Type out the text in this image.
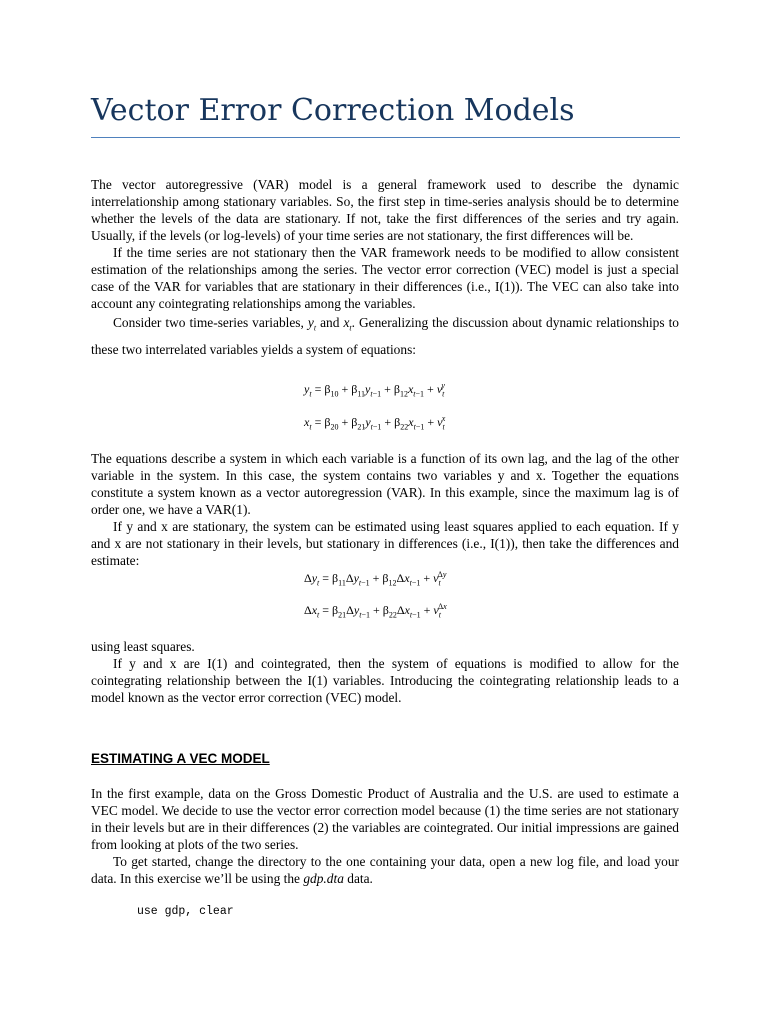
Vector Error Correction Models

The vector autoregressive (VAR) model is a general framework used to describe the dynamic interrelationship among stationary variables. So, the first step in time-series analysis should be to determine whether the levels of the data are stationary. If not, take the first differences of the series and try again. Usually, if the levels (or log-levels) of your time series are not stationary, the first differences will be.

If the time series are not stationary then the VAR framework needs to be modified to allow consistent estimation of the relationships among the series. The vector error correction (VEC) model is just a special case of the VAR for variables that are stationary in their differences (i.e., I(1)). The VEC can also take into account any cointegrating relationships among the variables.

Consider two time-series variables, $y_t$ and $x_t$. Generalizing the discussion about dynamic relationships to these two interrelated variables yields a system of equations:

$y_t = \beta_{10} + \beta_{11}y_{t-1} + \beta_{12}x_{t-1} + v_t^y$
$x_t = \beta_{20} + \beta_{21}y_{t-1} + \beta_{22}x_{t-1} + v_t^x$

The equations describe a system in which each variable is a function of its own lag, and the lag of the other variable in the system. In this case, the system contains two variables y and x. Together the equations constitute a system known as a vector autoregression (VAR). In this example, since the maximum lag is of order one, we have a VAR(1).

If y and x are stationary, the system can be estimated using least squares applied to each equation. If y and x are not stationary in their levels, but stationary in differences (i.e., I(1)), then take the differences and estimate:

$\Delta y_t = \beta_{11}\Delta y_{t-1} + \beta_{12}\Delta x_{t-1} + v_t^{\Delta y}$
$\Delta x_t = \beta_{21}\Delta y_{t-1} + \beta_{22}\Delta x_{t-1} + v_t^{\Delta x}$

using least squares.

If y and x are I(1) and cointegrated, then the system of equations is modified to allow for the cointegrating relationship between the I(1) variables. Introducing the cointegrating relationship leads to a model known as the vector error correction (VEC) model.

ESTIMATING A VEC MODEL

In the first example, data on the Gross Domestic Product of Australia and the U.S. are used to estimate a VEC model. We decide to use the vector error correction model because (1) the time series are not stationary in their levels but are in their differences (2) the variables are cointegrated. Our initial impressions are gained from looking at plots of the two series.

To get started, change the directory to the one containing your data, open a new log file, and load your data. In this exercise we’ll be using the gdp.dta data.

use gdp, clear
